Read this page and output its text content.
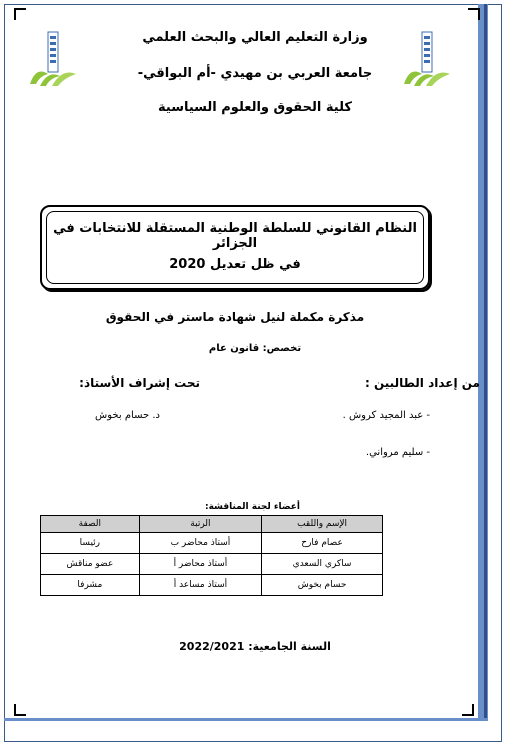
وزارة التعليم العالي والبحث العلمي
جامعة العربي بن مهيدي -أم البواقي-
كلية الحقوق والعلوم السياسية
النظام القانوني للسلطة الوطنية المستقلة للانتخابات في الجزائر
في ظل تعديل 2020
مذكرة مكملة لنيل شهادة ماستر في الحقوق
تخصص: قانون عام
من إعداد الطالبين :
تحت إشراف الأستاذ:
- عبد المجيد كروش .
- سليم مرواني.
د. حسام بخوش
أعضاء لجنة المناقشة:
الإسم واللقب	الرتبة	الصفة
عصام فارح	أستاذ محاضر ب	رئيسا
ساكري السعدي	أستاذ محاضر أ	عضو مناقش
حسام بخوش	أستاذ مساعد أ	مشرفا
السنة الجامعية: 2022/2021
